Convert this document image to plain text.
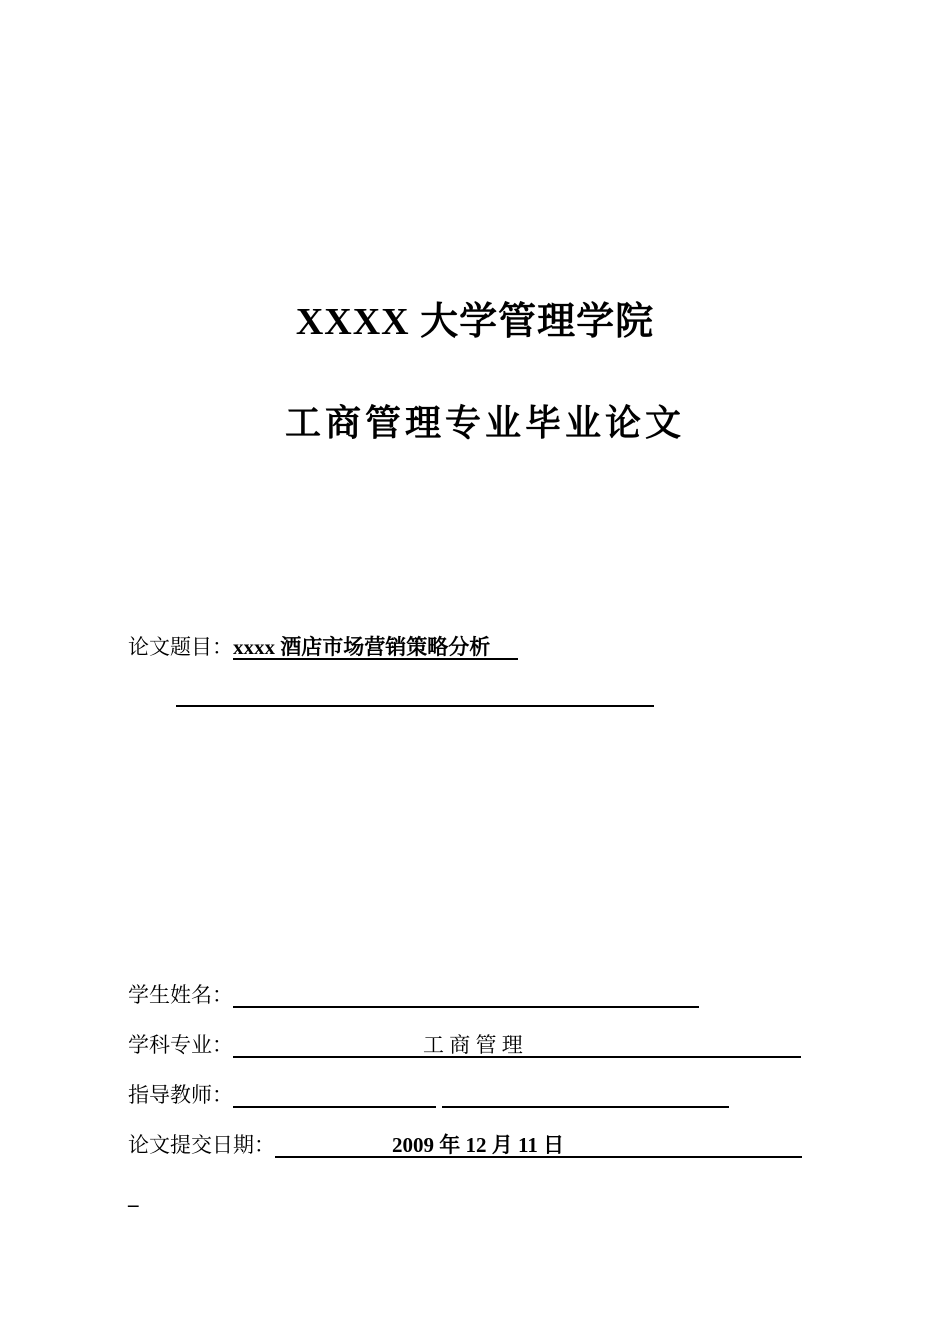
XXXX 大学管理学院
工商管理专业毕业论文
论文题目：xxxx 酒店市场营销策略分析
学生姓名：
学科专业：	工 商 管 理
指导教师：
论文提交日期：	2009 年 12 月 11 日
_
